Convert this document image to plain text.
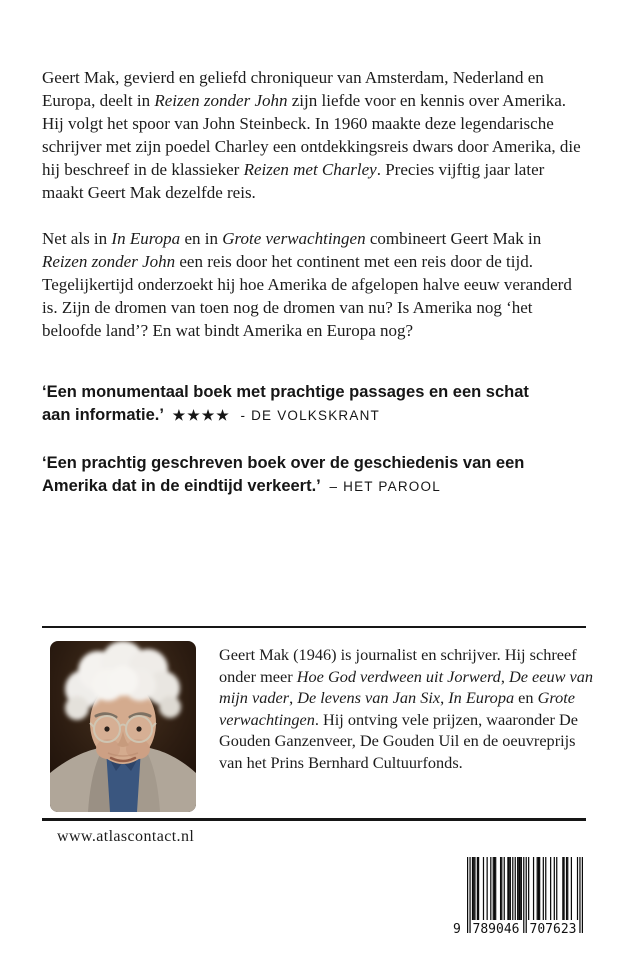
Geert Mak, gevierd en geliefd chroniqueur van Amsterdam, Nederland en Europa, deelt in Reizen zonder John zijn liefde voor en kennis over Amerika. Hij volgt het spoor van John Steinbeck. In 1960 maakte deze legendarische schrijver met zijn poedel Charley een ontdekkingsreis dwars door Amerika, die hij beschreef in de klassieker Reizen met Charley. Precies vijftig jaar later maakt Geert Mak dezelfde reis.

Net als in In Europa en in Grote verwachtingen combineert Geert Mak in Reizen zonder John een reis door het continent met een reis door de tijd. Tegelijkertijd onderzoekt hij hoe Amerika de afgelopen halve eeuw veranderd is. Zijn de dromen van toen nog de dromen van nu? Is Amerika nog ‘het beloofde land’? En wat bindt Amerika en Europa nog?

‘Een monumentaal boek met prachtige passages en een schat aan informatie.’ ★★★★ - DE VOLKSKRANT

‘Een prachtig geschreven boek over de geschiedenis van een Amerika dat in de eindtijd verkeert.’ – HET PAROOL

Geert Mak (1946) is journalist en schrijver. Hij schreef onder meer Hoe God verdween uit Jorwerd, De eeuw van mijn vader, De levens van Jan Six, In Europa en Grote verwachtingen. Hij ontving vele prijzen, waaronder De Gouden Ganzenveer, De Gouden Uil en de oeuvreprijs van het Prins Bernhard Cultuurfonds.

www.atlascontact.nl
9 789046 707623
